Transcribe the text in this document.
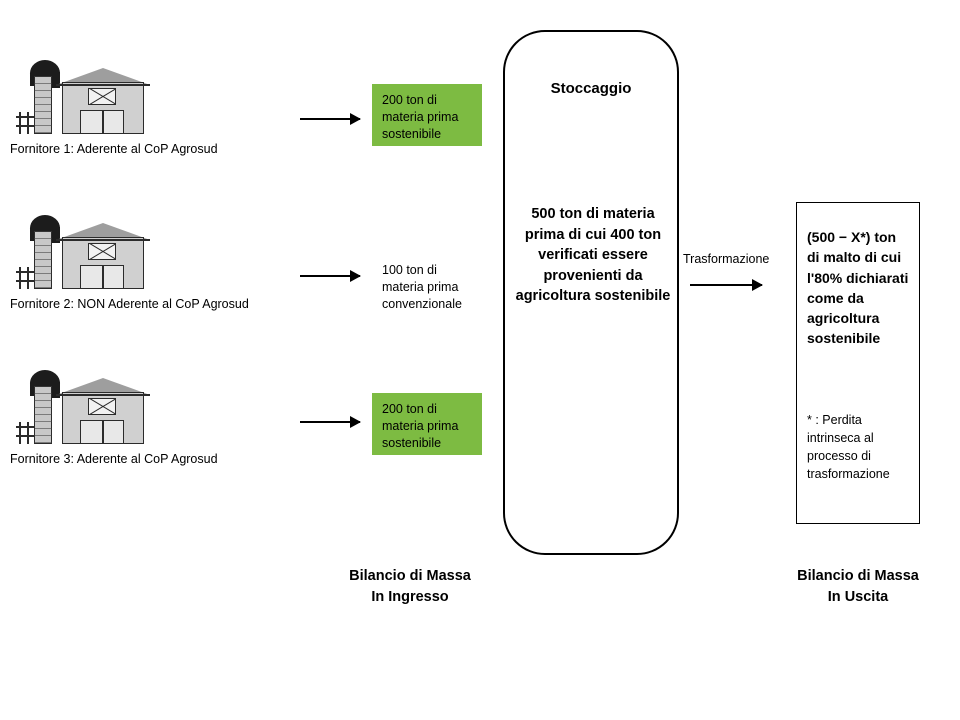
Fornitore 1: Aderente al CoP Agrosud
200 ton di materia prima sostenibile
Fornitore 2: NON Aderente al CoP Agrosud
100 ton di materia prima convenzionale
Fornitore 3: Aderente al CoP Agrosud
200 ton di materia prima sostenibile
Stoccaggio
500 ton di materia prima di cui 400 ton verificati essere provenienti da agricoltura sostenibile
Trasformazione
(500 − X*) ton di malto di cui l'80% dichiarati come da agricoltura sostenibile
* : Perdita intrinseca al processo di trasformazione
Bilancio di Massa
In Ingresso
Bilancio di Massa
In Uscita
